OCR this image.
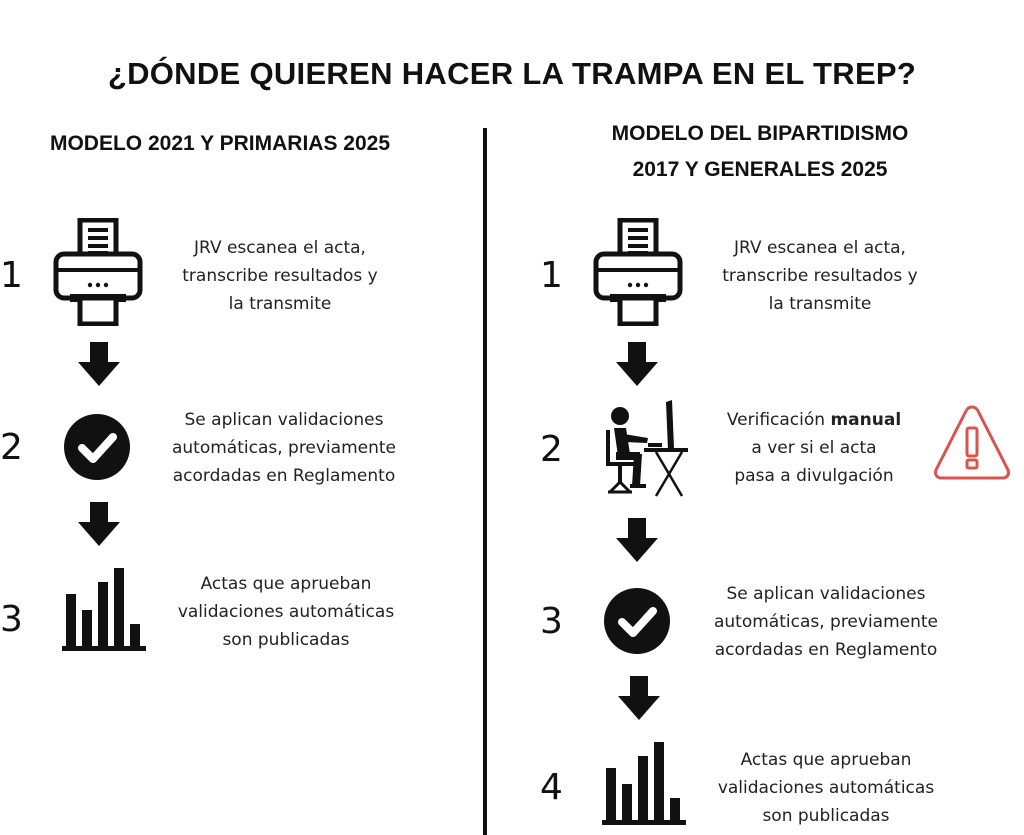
¿DÓNDE QUIEREN HACER LA TRAMPA EN EL TREP?
MODELO 2021 Y PRIMARIAS 2025
1
JRV escanea el acta,
transcribe resultados y
la transmite
2
Se aplican validaciones
automáticas, previamente
acordadas en Reglamento
3
Actas que aprueban
validaciones automáticas
son publicadas
MODELO DEL BIPARTIDISMO
2017 Y GENERALES 2025
1
JRV escanea el acta,
transcribe resultados y
la transmite
2
Verificación manual
a ver si el acta
pasa a divulgación
3
Se aplican validaciones
automáticas, previamente
acordadas en Reglamento
4
Actas que aprueban
validaciones automáticas
son publicadas
